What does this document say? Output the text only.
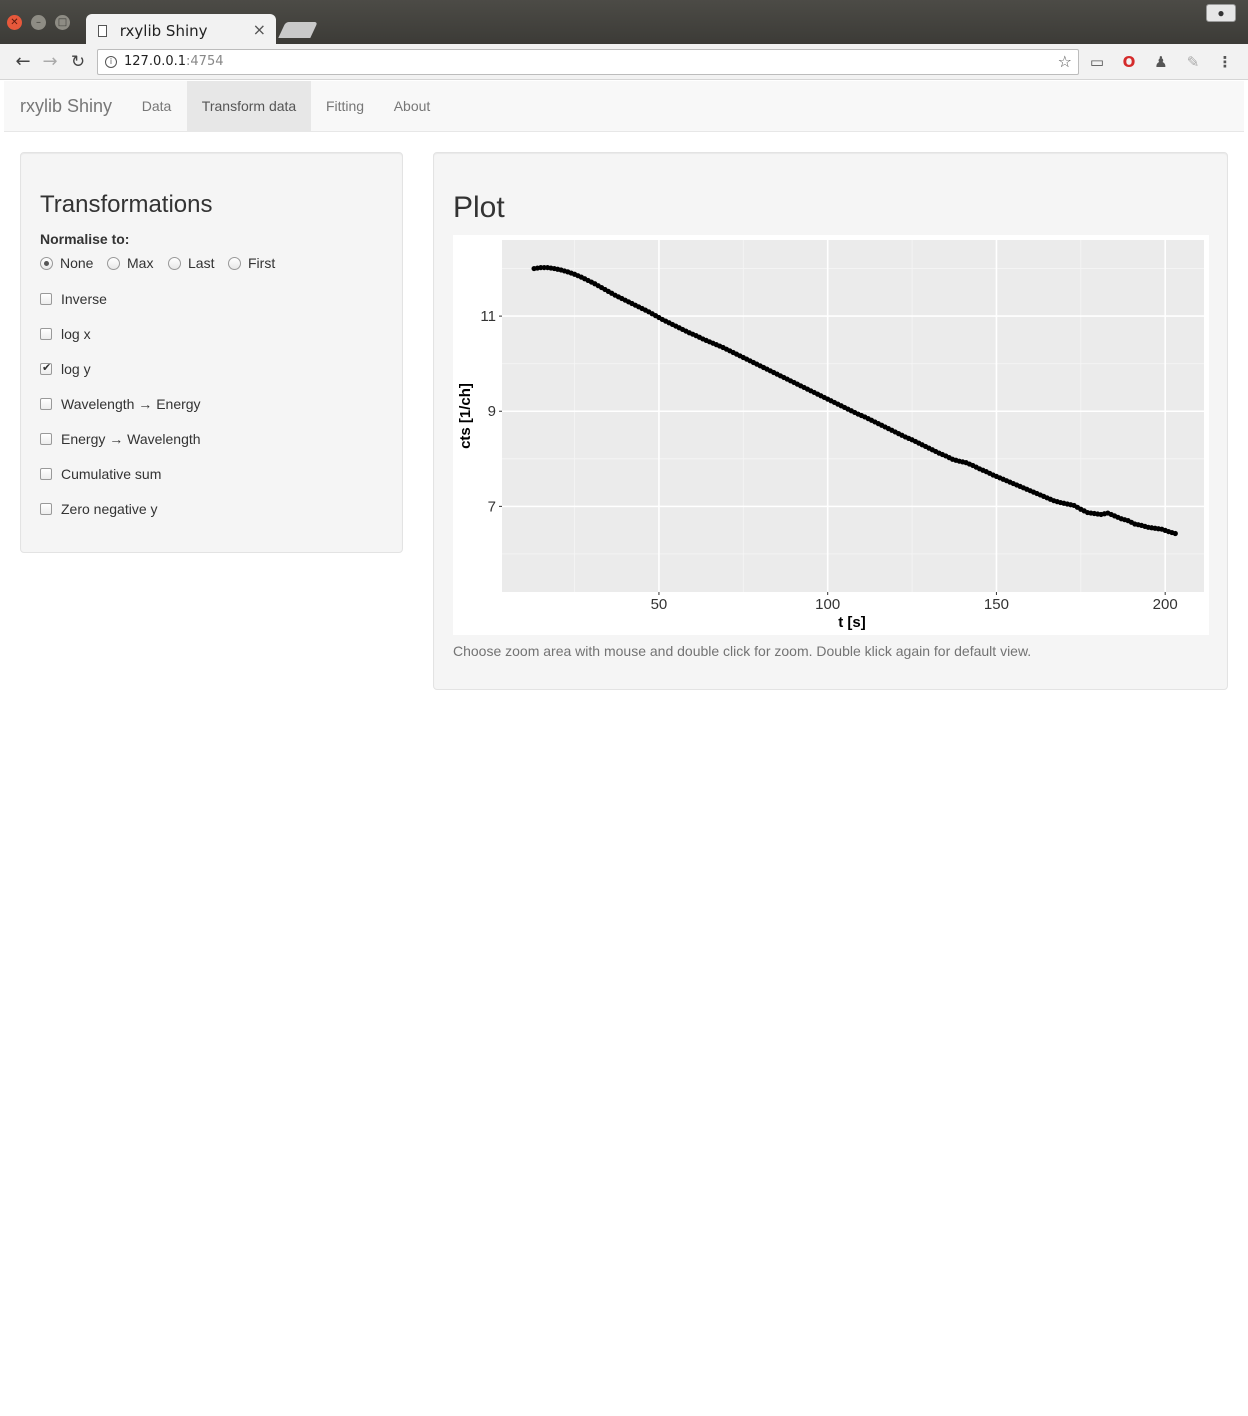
✕	–	□	rxylib Shiny	×
●
← → ↻	i 127.0.0.1:4754	☆ ▭ O ♟ ✎ ⋮
rxylib Shiny	Data	Transform data	Fitting	About
Transformations
Normalise to:
None	Max	Last	First
Inverse
log x
✔log y
Wavelength → Energy
Energy → Wavelength
Cumulative sum
Zero negative y
Plot
50	100	150	200
7
9
11
t [s]
cts [1/ch]
Choose zoom area with mouse and double click for zoom. Double klick again for default view.
